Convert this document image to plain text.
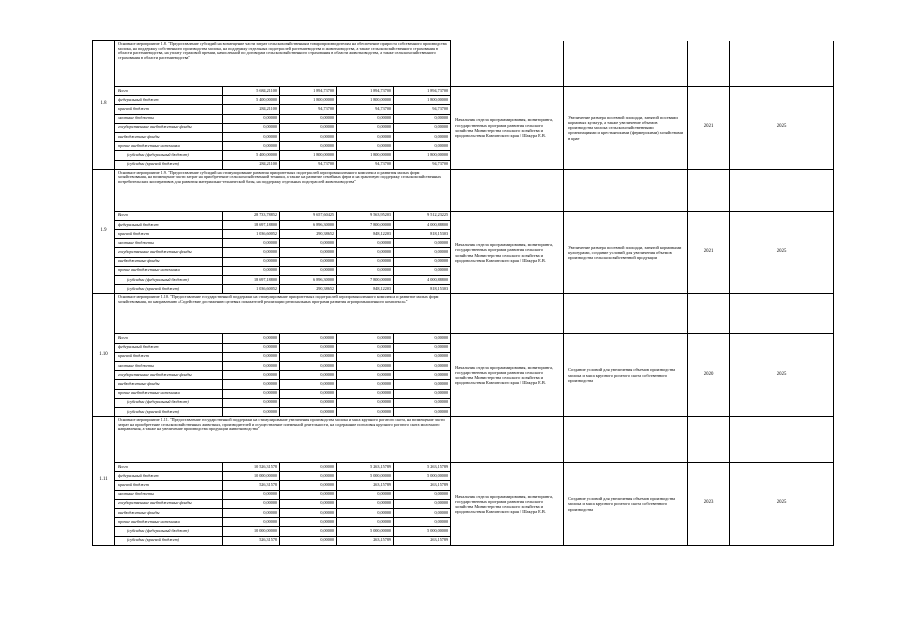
1.8	Основное мероприятие 1.8. "Предоставление субсидий на возмещение части затрат сельскохозяйственным товаропроизводителям на обеспечение прироста собственного производства молока, на поддержку собственного производства молока, на поддержку отдельных подотраслей растениеводства и животноводства, а также сельскохозяйственного страхования в области растениеводства, на уплату страховой премии, начисленной по договорам сельскохозяйственного страхования в области животноводства, а также сельскохозяйственного страхования в области растениеводства"								
	Всего	5 684,21100	1 894,73700	1 894,73700	1 894,73700	Начальник отдела программирования, мониторинга, государственных программ развития сельского хозяйства Министерства сельского хозяйства и продовольствия Камчатского края / Шакура Е.В.	Увеличение размера посевной площади, занятой посевами кормовых культур, а также увеличение объемов производства молока сельскохозяйственными организациями и крестьянскими (фермерскими) хозяйствами в крае	2021	2025
	федеральный бюджет	5 400,00000	1 800,00000	1 800,00000	1 800,00000				
	краевой бюджет	284,21100	94,73700	94,73700	94,73700				
	местные бюджеты	0,00000	0,00000	0,00000	0,00000				
	государственные внебюджетные фонды	0,00000	0,00000	0,00000	0,00000				
	внебюджетные фонды	0,00000	0,00000	0,00000	0,00000				
	прочие внебюджетные источники	0,00000	0,00000	0,00000	0,00000				
	(субсидии (федеральный бюджет)	5 400,00000	1 800,00000	1 800,00000	1 800,00000				
	(субсидии (краевой бюджет)	284,21100	94,73700	94,73700	94,73700				
1.9	Основное мероприятие 1.9. "Предоставление субсидий на стимулирование развития приоритетных подотраслей агропромышленного комплекса и развития малых форм хозяйствования, на возмещение части затрат на приобретение сельскохозяйственной техники, а также на развитие семейных ферм и на грантовую поддержку сельскохозяйственных потребительских кооперативов для развития материально-технической базы, на поддержку отдельных подотраслей животноводства"								
	Всего	28 733,78852	9 657,60425	9 563,95203	9 512,23225	Начальник отдела программирования, мониторинга, государственных программ развития сельского хозяйства Министерства сельского хозяйства и продовольствия Камчатского края / Шакура Е.В.	Увеличение размера посевной площади, занятой кормовыми культурами, создание условий для увеличения объемов производства сельскохозяйственной продукции	2021	2025
	федеральный бюджет	18 697,18800	6 896,30000	7 800,00000	4 000,88800				
	краевой бюджет	1 036,60052	290,38652	848,12203	818,15303				
	местные бюджеты	0,00000	0,00000	0,00000	0,00000				
	государственные внебюджетные фонды	0,00000	0,00000	0,00000	0,00000				
	внебюджетные фонды	0,00000	0,00000	0,00000	0,00000				
	прочие внебюджетные источники	0,00000	0,00000	0,00000	0,00000				
	(субсидии (федеральный бюджет)	18 697,18800	6 896,30000	7 800,00000	4 000,88800				
	(субсидии (краевой бюджет)	1 036,60052	290,38652	848,12203	818,15303				
1.10	Основное мероприятие 1.10. "Предоставление государственной поддержки на стимулирование приоритетных подотраслей агропромышленного комплекса и развитие малых форм хозяйствования, по направлению «Содействие достижению целевых показателей реализации региональных программ развития агропромышленного комплекса»"								
	Всего	0,00000	0,00000	0,00000	0,00000	Начальник отдела программирования, мониторинга, государственных программ развития сельского хозяйства Министерства сельского хозяйства и продовольствия Камчатского края / Шакура Е.В.	Создание условий для увеличения объемов производства молока и мяса крупного рогатого скота собственного производства	2020	2025
	федеральный бюджет	0,00000	0,00000	0,00000	0,00000				
	краевой бюджет	0,00000	0,00000	0,00000	0,00000				
	местные бюджеты	0,00000	0,00000	0,00000	0,00000				
	государственные внебюджетные фонды	0,00000	0,00000	0,00000	0,00000				
	внебюджетные фонды	0,00000	0,00000	0,00000	0,00000				
	прочие внебюджетные источники	0,00000	0,00000	0,00000	0,00000				
	(субсидии (федеральный бюджет)	0,00000	0,00000	0,00000	0,00000				
	(субсидии (краевой бюджет)	0,00000	0,00000	0,00000	0,00000				
1.11	Основное мероприятие 1.11. "Предоставление государственной поддержки на стимулирование увеличения производства молока и мяса крупного рогатого скота, на возмещение части затрат на приобретение сельскохозяйственных животных, производителей и осуществление племенной деятельности, на содержание поголовья крупного рогатого скота молочного направления, а также на увеличение производства продукции животноводства"								
	Всего	10 526,31578	0,00000	5 263,15789	5 263,15789	Начальник отдела программирования, мониторинга, государственных программ развития сельского хозяйства Министерства сельского хозяйства и продовольствия Камчатского края / Шакура Е.В.	Создание условий для увеличения объемов производства молока и мяса крупного рогатого скота собственного производства	2023	2025
	федеральный бюджет	10 000,00000	0,00000	5 000,00000	5 000,00000				
	краевой бюджет	526,31578	0,00000	263,15789	263,15789				
	местные бюджеты	0,00000	0,00000	0,00000	0,00000				
	государственные внебюджетные фонды	0,00000	0,00000	0,00000	0,00000				
	внебюджетные фонды	0,00000	0,00000	0,00000	0,00000				
	прочие внебюджетные источники	0,00000	0,00000	0,00000	0,00000				
	(субсидии (федеральный бюджет)	10 000,00000	0,00000	5 000,00000	5 000,00000				
	(субсидии (краевой бюджет)	526,31578	0,00000	263,15789	263,15789				
